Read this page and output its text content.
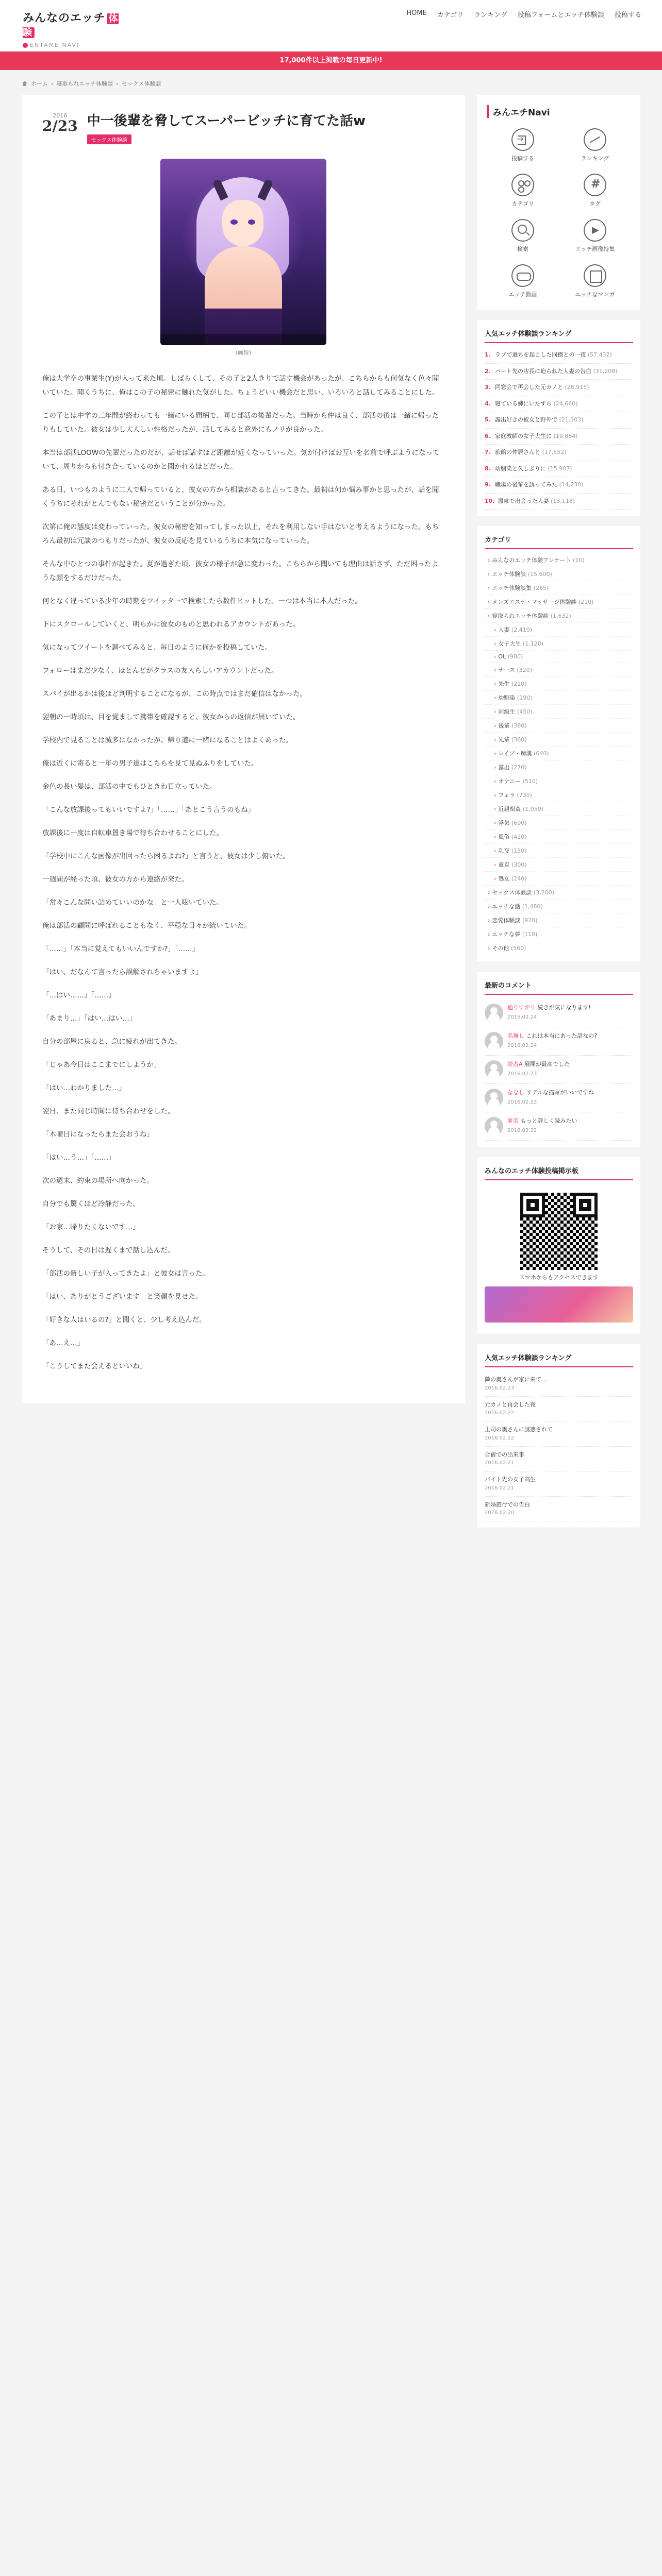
みんなのエッチ 体験
ENTAME NAVI
HOME カテゴリ ランキング 投稿フォームとエッチ体験談 投稿する
17,000件以上掲載の毎日更新中!
ホーム › 寝取られエッチ体験談 › セックス体験談
2016
2/23 中一後輩を脅してスーパービッチに育てた話w
セックス体験談
(画像)

俺は大学卒の事業生(Y)が入って来た頃。しばらくして、その子と2人きりで話す機会があったが、こちらからも何気なく色々聞いていた。聞くうちに、俺はこの子の秘密に触れた気がした。ちょうどいい機会だと思い、いろいろと話してみることにした。

この子とは中学の三年間が終わっても一緒にいる間柄で、同じ部活の後輩だった。当時から仲は良く、部活の後は一緒に帰ったりもしていた。彼女は少し大人しい性格だったが、話してみると意外にもノリが良かった。

本当は部活LOOWの先輩だったのだが、話せば話すほど距離が近くなっていった。気が付けばお互いを名前で呼ぶようになっていて、周りからも付き合っているのかと聞かれるほどだった。

ある日、いつものように二人で帰っていると、彼女の方から相談があると言ってきた。最初は何か悩み事かと思ったが、話を聞くうちにそれがとんでもない秘密だということが分かった。

次第に俺の態度は変わっていった。彼女の秘密を知ってしまった以上、それを利用しない手はないと考えるようになった。もちろん最初は冗談のつもりだったが、彼女の反応を見ているうちに本気になっていった。

そんな中ひとつの事件が起きた。夏が過ぎた頃、彼女の様子が急に変わった。こちらから聞いても理由は話さず、ただ困ったような顔をするだけだった。

何となく違っている少年の時期をツイッターで検索したら数件ヒットした。一つは本当に本人だった。

下にスクロールしていくと、明らかに彼女のものと思われるアカウントがあった。

気になってツイートを調べてみると、毎日のように何かを投稿していた。

フォローはまだ少なく、ほとんどがクラスの友人らしいアカウントだった。

スパイが出るかは後ほど判明することになるが、この時点ではまだ確信はなかった。

翌朝の一時頃は、目を覚まして携帯を確認すると、彼女からの返信が届いていた。

学校内で見ることは滅多になかったが、帰り道に一緒になることはよくあった。

俺は近くに寄ると一年の男子達はこちらを見て見ぬふりをしていた。

金色の長い髪は、部活の中でもひときわ目立っていた。

「こんな放課後ってもいいですよ?」「……」「あとこう言うのもね」

放課後に一度は自転車置き場で待ち合わせることにした。

「学校中にこんな画像が出回ったら困るよね?」と言うと、彼女は少し俯いた。

一週間が経った頃、彼女の方から連絡が来た。

「常々こんな問い詰めていいのかな」と一人呟いていた。

俺は部活の顧問に呼ばれることもなく、平穏な日々が続いていた。

「……」「本当に覚えてもいいんですか?」「……」

「はい、だなんて言ったら誤解されちゃいますよ」

「…はい……」「……」

「あまり…」「はい…はい…」

自分の部屋に戻ると、急に疲れが出てきた。

「じゃあ今日はここまでにしようか」

「はい…わかりました…」

翌日、また同じ時間に待ち合わせをした。

「木曜日になったらまた会おうね」

「はい…う…」「……」

次の週末、約束の場所へ向かった。

自分でも驚くほど冷静だった。

「お家…帰りたくないです…」

そうして、その日は遅くまで話し込んだ。

「部活の新しい子が入ってきたよ」と彼女は言った。

「はい、ありがとうございます」と笑顔を見せた。

「好きな人はいるの?」と聞くと、少し考え込んだ。

「あ…え…」

「こうしてまた会えるといいね」

みんエチNavi
→
投稿する	ランキング
カテゴリ
#	タグ
検索
▶	エッチ画像特集
エッチ動画	エッチなマンガ
人気エッチ体験談ランキング
1. ラブで過ちを起こした同僚との一夜 (57,432)
2. パート先の店長に迫られた人妻の告白 (31,208)
3. 同窓会で再会した元カノと (28,915)
4. 寝ている姉にいたずら (24,660)
5. 露出好きの彼女と野外で (21,103)
6. 家庭教師の女子大生に (19,884)
7. 旅館の仲居さんと (17,552)
8. 幼馴染と久しぶりに (15,907)
9. 職場の後輩を誘ってみた (14,230)
10. 温泉で出会った人妻 (13,118)
カテゴリ
› みんなのエッチ体験アンケート (10)
› エッチ体験談 (15,600)
› エッチ体験談集 (265)
› メンズエステ・マッサージ体験談 (210)
› 寝取られエッチ体験談 (1,632)
› 人妻 (2,410)
› 女子大生 (1,120)
› OL (980)
› ナース (320)
› 先生 (210)
› 幼馴染 (190)
› 同級生 (450)
› 後輩 (380)
› 先輩 (360)
› レイプ・痴漢 (640)
› 露出 (270)
› オナニー (510)
› フェラ (730)
› 近親相姦 (1,050)
› 浮気 (690)
› 風俗 (420)
› 乱交 (150)
› 童貞 (300)
› 処女 (240)
› セックス体験談 (3,200)
› エッチな話 (1,480)
› 恋愛体験談 (920)
› エッチな夢 (110)
› その他 (560)
最新のコメント
通りすがり 続きが気になります!
2016.02.24
名無し これは本当にあった話なの?
2016.02.24
読者A 展開が最高でした
2016.02.23
ななし リアルな描写がいいですね
2016.02.23
匿名 もっと詳しく読みたい
2016.02.22
みんなのエッチ体験投稿掲示板
スマホからもアクセスできます
人気エッチ体験談ランキング
隣の奥さんが家に来て…
2016.02.23
元カノと再会した夜
2016.02.22
上司の奥さんに誘惑されて
2016.02.22
合宿での出来事
2016.02.21
バイト先の女子高生
2016.02.21
新婚旅行での告白
2016.02.20
